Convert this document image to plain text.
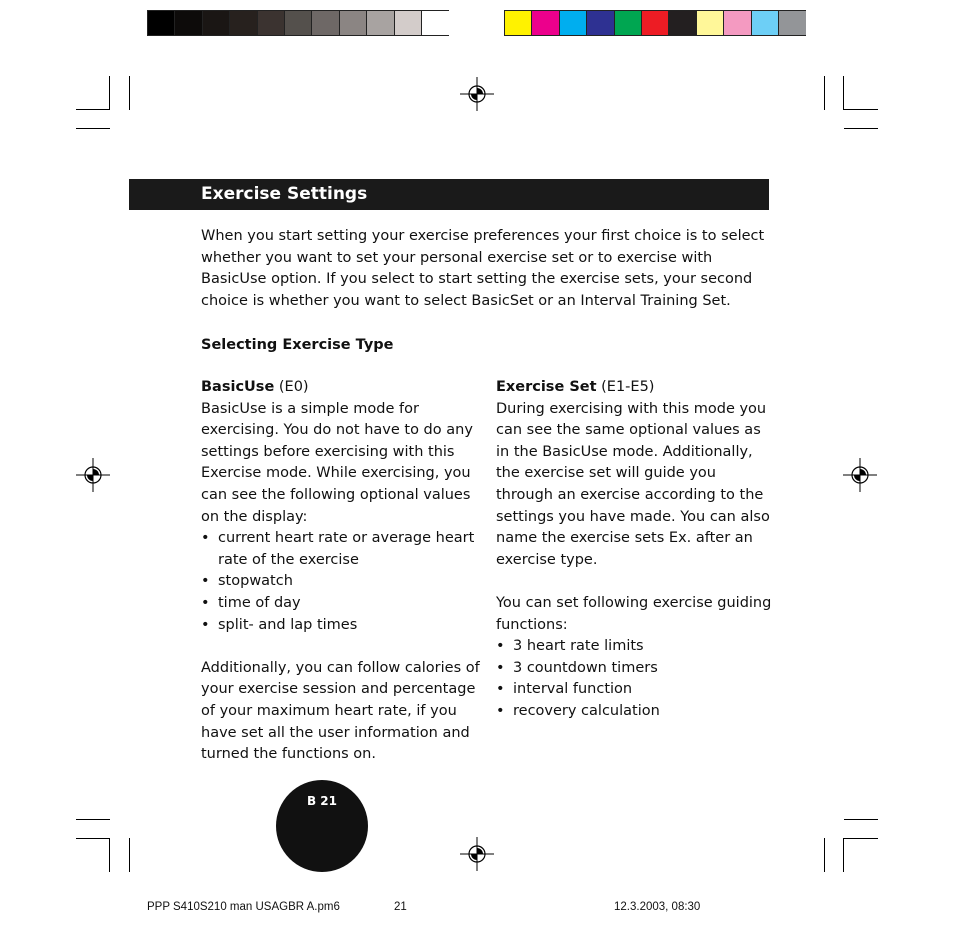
Exercise Settings

When you start setting your exercise preferences your first choice is to select whether you want to set your personal exercise set or to exercise with BasicUse option. If you select to start setting the exercise sets, your second choice is whether you want to select BasicSet or an Interval Training Set.

Selecting Exercise Type

BasicUse (E0)

BasicUse is a simple mode for exercising. You do not have to do any settings before exercising with this Exercise mode. While exercising, you can see the following optional values on the display:

• current heart rate or average heart rate of the exercise
• stopwatch
• time of day
• split- and lap times

Additionally, you can follow calories of your exercise session and percentage of your maximum heart rate, if you have set all the user information and turned the functions on.

Exercise Set (E1-E5)

During exercising with this mode you can see the same optional values as in the BasicUse mode. Additionally, the exercise set will guide you through an exercise according to the settings you have made. You can also name the exercise sets Ex. after an exercise type.

You can set following exercise guiding functions:

• 3 heart rate limits
• 3 countdown timers
• interval function
• recovery calculation
B 21
PPP S410S210 man USAGBR A.pm6	21	12.3.2003, 08:30
